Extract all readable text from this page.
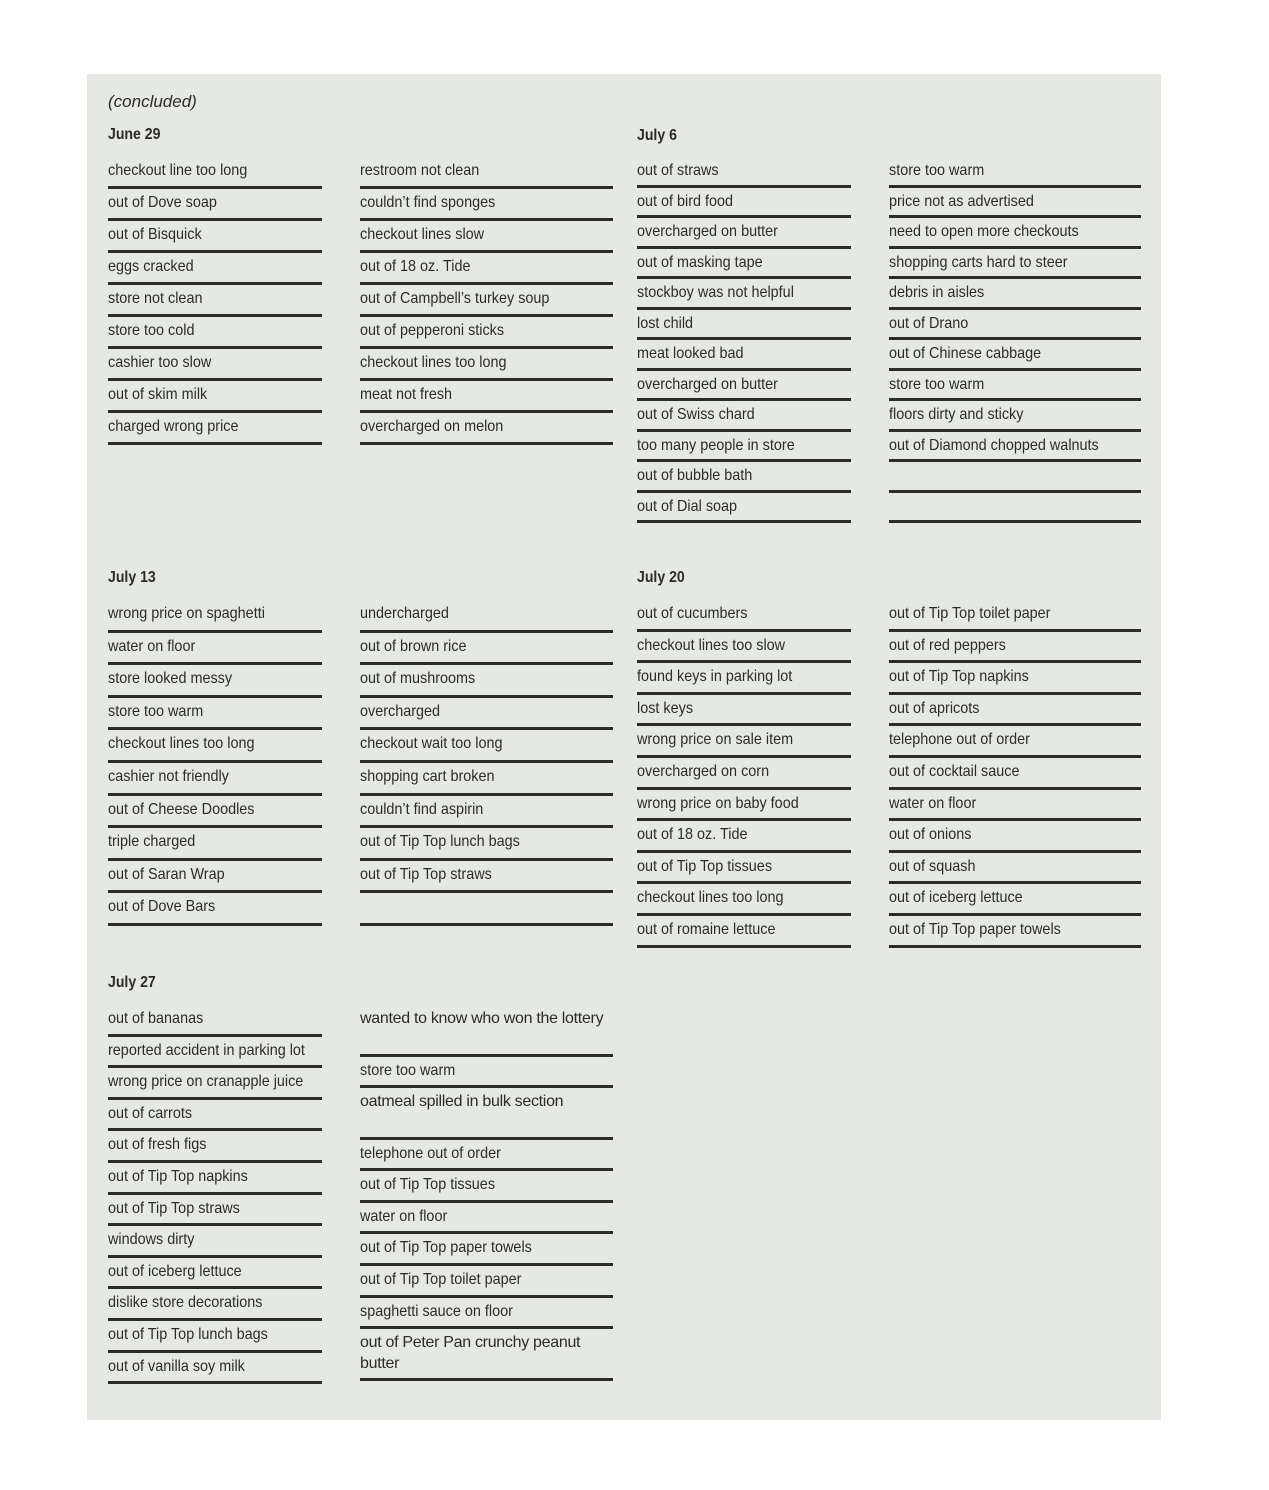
(concluded)
June 29	July 6
July 13	July 20
July 27
checkout line too long
out of Dove soap
out of Bisquick
eggs cracked
store not clean
store too cold
cashier too slow
out of skim milk
charged wrong price
restroom not clean
couldn’t find sponges
checkout lines slow
out of 18 oz. Tide
out of Campbell’s turkey soup
out of pepperoni sticks
checkout lines too long
meat not fresh
overcharged on melon
out of straws
out of bird food
overcharged on butter
out of masking tape
stockboy was not helpful
lost child
meat looked bad
overcharged on butter
out of Swiss chard
too many people in store
out of bubble bath
out of Dial soap
store too warm
price not as advertised
need to open more checkouts
shopping carts hard to steer
debris in aisles
out of Drano
out of Chinese cabbage
store too warm
floors dirty and sticky
out of Diamond chopped walnuts
wrong price on spaghetti
water on floor
store looked messy
store too warm
checkout lines too long
cashier not friendly
out of Cheese Doodles
triple charged
out of Saran Wrap
out of Dove Bars
undercharged
out of brown rice
out of mushrooms
overcharged
checkout wait too long
shopping cart broken
couldn’t find aspirin
out of Tip Top lunch bags
out of Tip Top straws
out of cucumbers
checkout lines too slow
found keys in parking lot
lost keys
wrong price on sale item
overcharged on corn
wrong price on baby food
out of 18 oz. Tide
out of Tip Top tissues
checkout lines too long
out of romaine lettuce
out of Tip Top toilet paper
out of red peppers
out of Tip Top napkins
out of apricots
telephone out of order
out of cocktail sauce
water on floor
out of onions
out of squash
out of iceberg lettuce
out of Tip Top paper towels
out of bananas
reported accident in parking lot
wrong price on cranapple juice
out of carrots
out of fresh figs
out of Tip Top napkins
out of Tip Top straws
windows dirty
out of iceberg lettuce
dislike store decorations
out of Tip Top lunch bags
out of vanilla soy milk
wanted to know who won the lottery
store too warm
oatmeal spilled in bulk section
telephone out of order
out of Tip Top tissues
water on floor
out of Tip Top paper towels
out of Tip Top toilet paper
spaghetti sauce on floor
out of Peter Pan crunchy peanut butter
